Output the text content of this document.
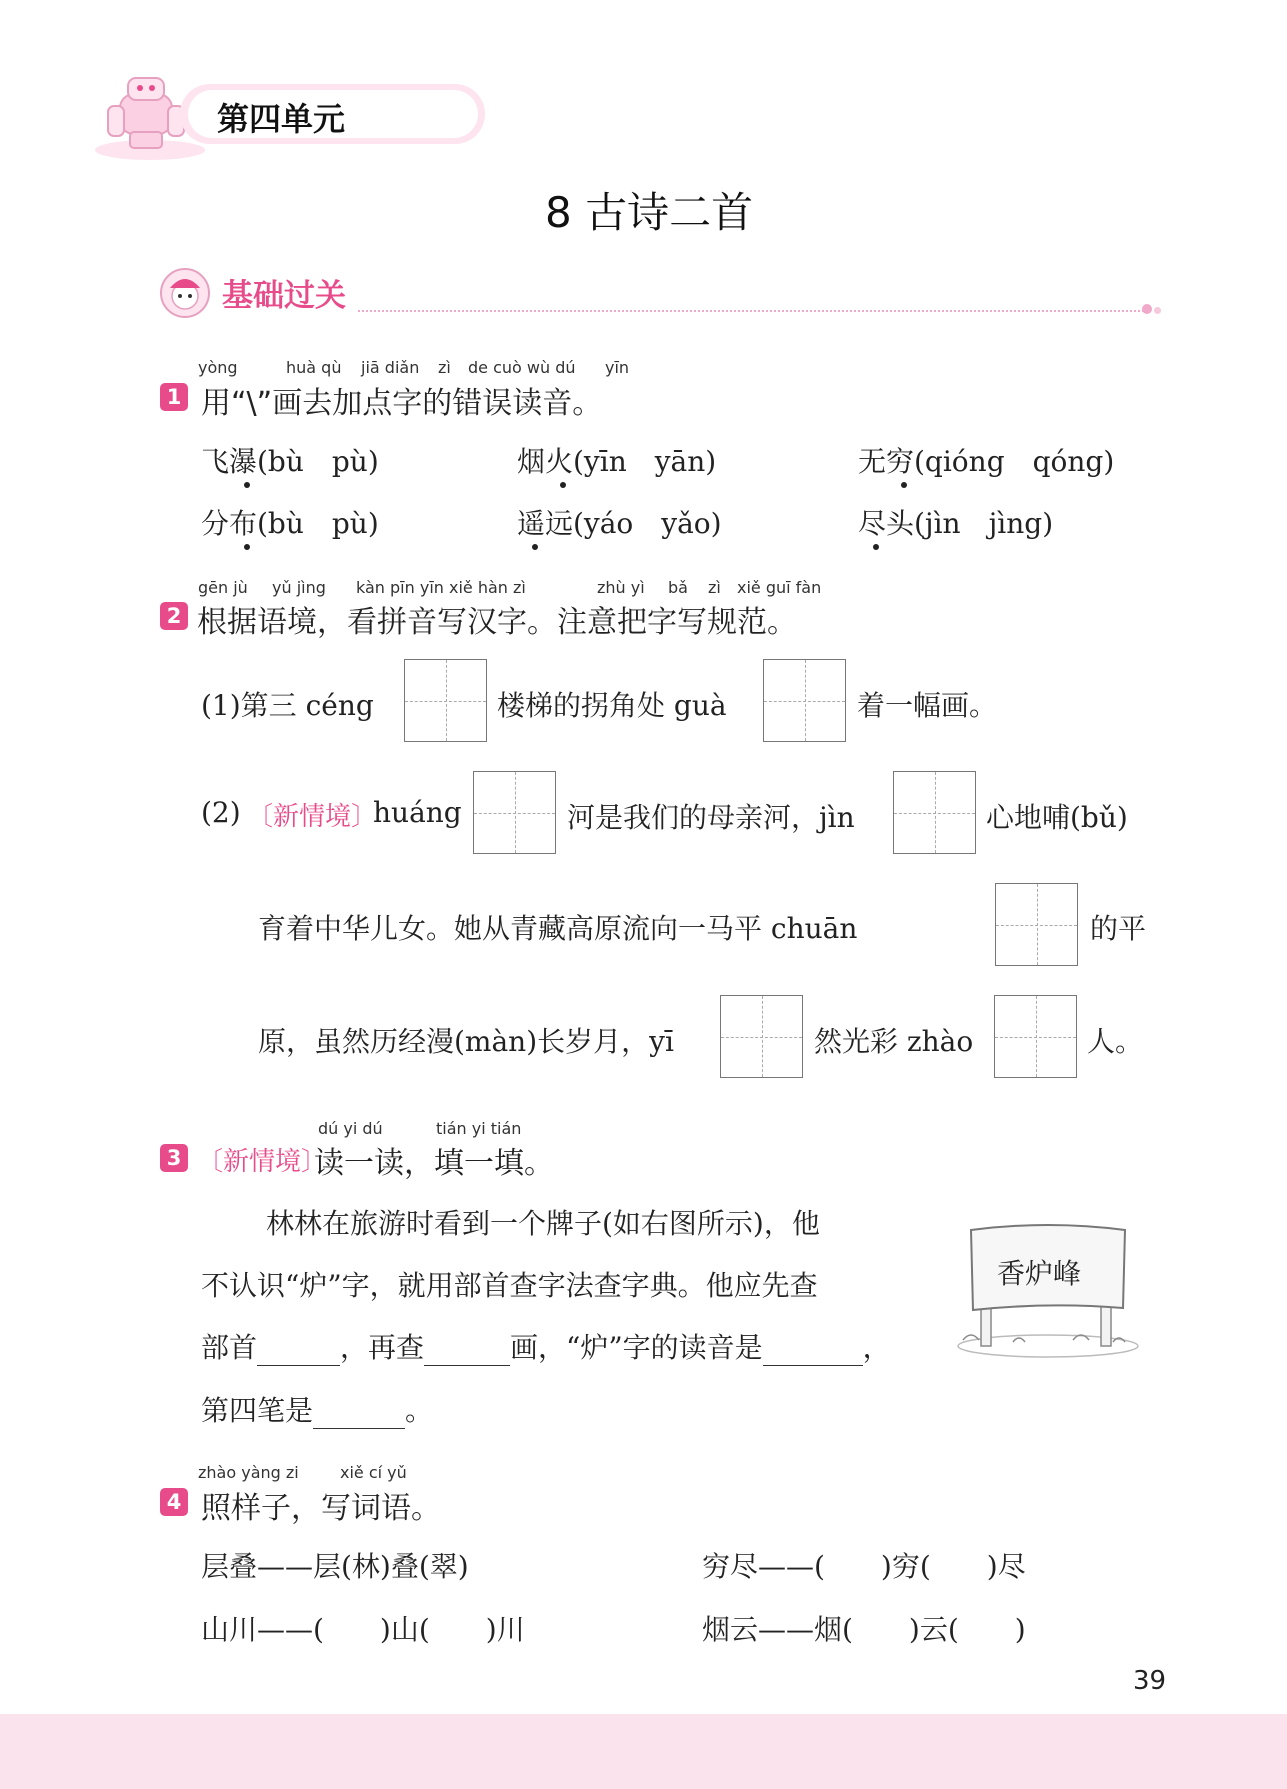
第四单元
8 古诗二首
基础过关
yòng	huà qù jiā diǎn zì de cuò wù dú yīn
1 用“\”画去加点字的错误读音。
飞瀑(bù　pù)	烟火(yīn　yān)	无穷(qióng　qóng)
分布(bù　pù)	遥远(yáo　yǎo)	尽头(jìn　jìng)
gēn jù yǔ jìng kàn pīn yīn xiě hàn zì	zhù yì bǎ zì xiě guī fàn
2 根据语境，看拼音写汉字。注意把字写规范。
(1)第三 céng	楼梯的拐角处 guà	着一幅画。
(2) 〔新情境〕
huáng	河是我们的母亲河，jìn	心地哺(bǔ)
育着中华儿女。她从青藏高原流向一马平 chuān	的平
原，虽然历经漫(màn)长岁月，yī	然光彩 zhào	人。
dú yi dú	tián yi tián
3 〔新情境〕
读一读，填一填。
林林在旅游时看到一个牌子(如右图所示)，他
不认识“炉”字，就用部首查字法查字典。他应先查
部首	，再查	画，“炉”字的读音是	，
第四笔是	。
香炉峰
zhào yàng zi	xiě cí yǔ
4 照样子，写词语。
层叠——层(林)叠(翠)	穷尽——(　　)穷(　　)尽
山川——(　　)山(　　)川	烟云——烟(　　)云(　　)
39
